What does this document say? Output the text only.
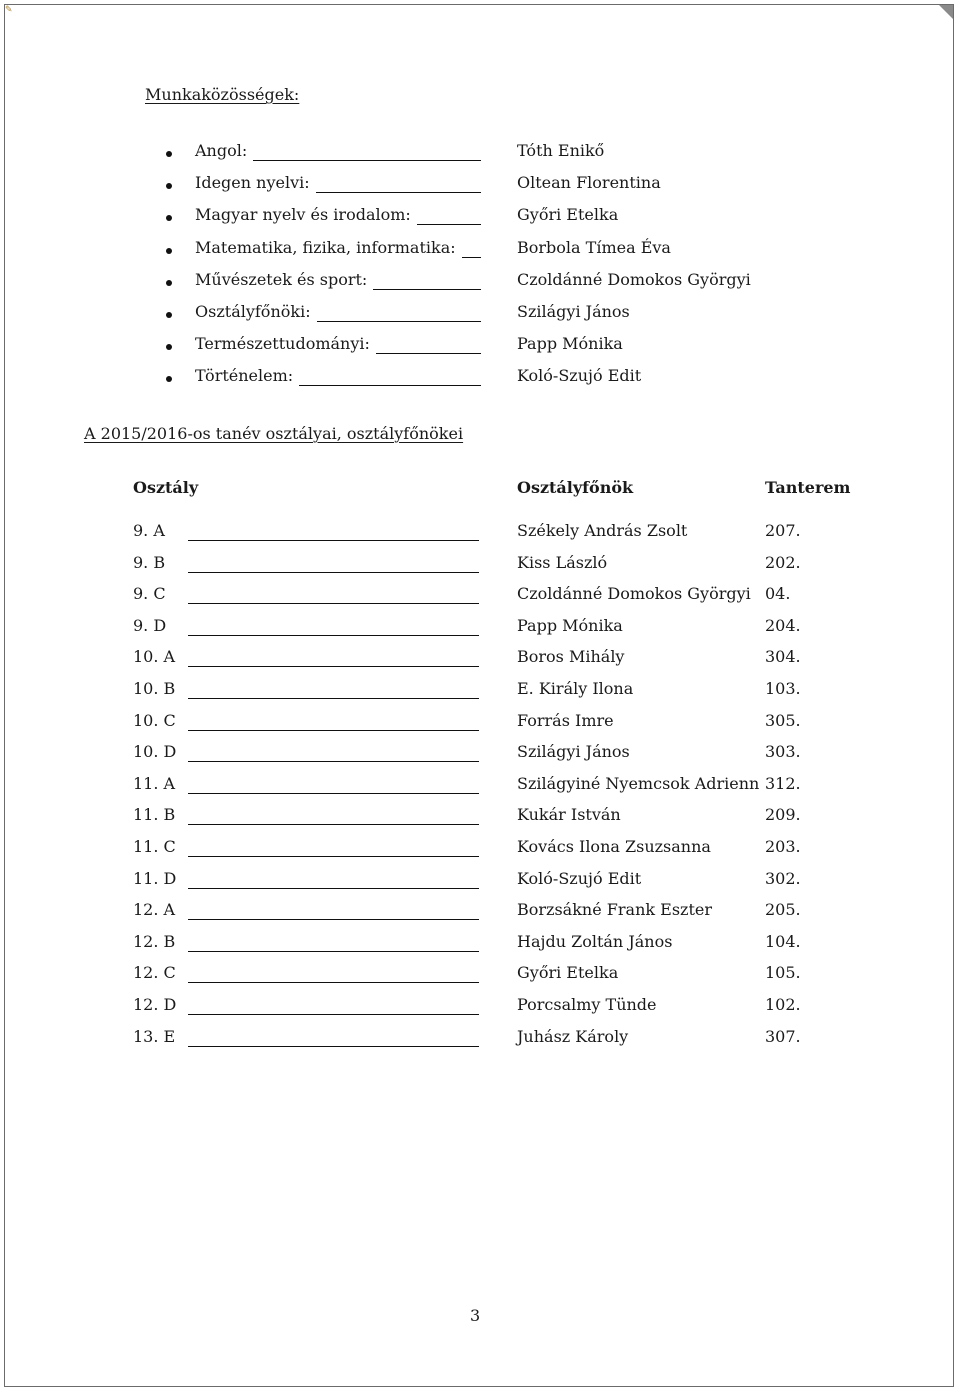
✎
Munkaközösségek:
Angol:	Tóth Enikő
Idegen nyelvi:	Oltean Florentina
Magyar nyelv és irodalom:	Győri Etelka
Matematika, fizika, informatika:	Borbola Tímea Éva
Művészetek és sport:	Czoldánné Domokos Györgyi
Osztályfőnöki:	Szilágyi János
Természettudományi:	Papp Mónika
Történelem:	Koló-Szujó Edit
A 2015/2016-os tanév osztályai, osztályfőnökei
Osztály	Osztályfőnök	Tanterem
9. A	Székely András Zsolt	207.
9. B	Kiss László	202.
9. C	Czoldánné Domokos Györgyi 04.
9. D	Papp Mónika	204.
10. A	Boros Mihály	304.
10. B	E. Király Ilona	103.
10. C	Forrás Imre	305.
10. D	Szilágyi János	303.
11. A	Szilágyiné Nyemcsok Adrienn 312.
11. B	Kukár István	209.
11. C	Kovács Ilona Zsuzsanna	203.
11. D	Koló-Szujó Edit	302.
12. A	Borzsákné Frank Eszter	205.
12. B	Hajdu Zoltán János	104.
12. C	Győri Etelka	105.
12. D	Porcsalmy Tünde	102.
13. E	Juhász Károly	307.
3
